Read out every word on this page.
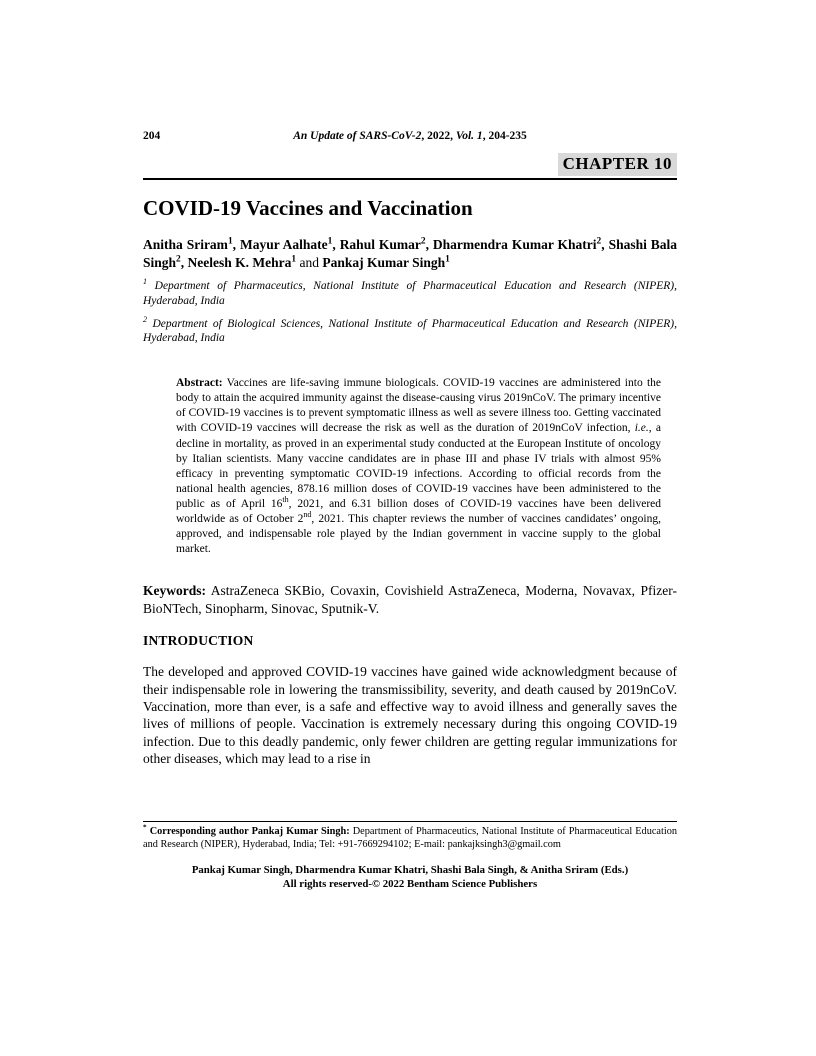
204	An Update of SARS-CoV-2, 2022, Vol. 1, 204-235
CHAPTER 10
COVID-19 Vaccines and Vaccination

Anitha Sriram$^1$, Mayur Aalhate$^1$, Rahul Kumar$^2$, Dharmendra Kumar Khatri$^2$, Shashi Bala Singh$^2$, Neelesh K. Mehra$^1$ and Pankaj Kumar Singh$^1$

$^1$ Department of Pharmaceutics, National Institute of Pharmaceutical Education and Research (NIPER), Hyderabad, India

$^2$ Department of Biological Sciences, National Institute of Pharmaceutical Education and Research (NIPER), Hyderabad, India

Abstract: Vaccines are life-saving immune biologicals. COVID-19 vaccines are administered into the body to attain the acquired immunity against the disease-causing virus 2019nCoV. The primary incentive of COVID-19 vaccines is to prevent symptomatic illness as well as severe illness too. Getting vaccinated with COVID-19 vaccines will decrease the risk as well as the duration of 2019nCoV infection, i.e., a decline in mortality, as proved in an experimental study conducted at the European Institute of oncology by Italian scientists. Many vaccine candidates are in phase III and phase IV trials with almost 95% efficacy in preventing symptomatic COVID-19 infections. According to official records from the national health agencies, 878.16 million doses of COVID-19 vaccines have been administered to the public as of April 16th, 2021, and 6.31 billion doses of COVID-19 vaccines have been delivered worldwide as of October 2nd, 2021. This chapter reviews the number of vaccines candidates’ ongoing, approved, and indispensable role played by the Indian government in vaccine supply to the global market.

Keywords: AstraZeneca SKBio, Covaxin, Covishield AstraZeneca, Moderna, Novavax, Pfizer-BioNTech, Sinopharm, Sinovac, Sputnik-V.

INTRODUCTION

The developed and approved COVID-19 vaccines have gained wide acknowledgment because of their indispensable role in lowering the transmissibility, severity, and death caused by 2019nCoV. Vaccination, more than ever, is a safe and effective way to avoid illness and generally saves the lives of millions of people. Vaccination is extremely necessary during this ongoing COVID-19 infection. Due to this deadly pandemic, only fewer children are getting regular immunizations for other diseases, which may lead to a rise in

* Corresponding author Pankaj Kumar Singh: Department of Pharmaceutics, National Institute of Pharmaceutical Education and Research (NIPER), Hyderabad, India; Tel: +91-7669294102; E-mail: pankajksingh3@gmail.com

Pankaj Kumar Singh, Dharmendra Kumar Khatri, Shashi Bala Singh, & Anitha Sriram (Eds.)
All rights reserved-© 2022 Bentham Science Publishers
